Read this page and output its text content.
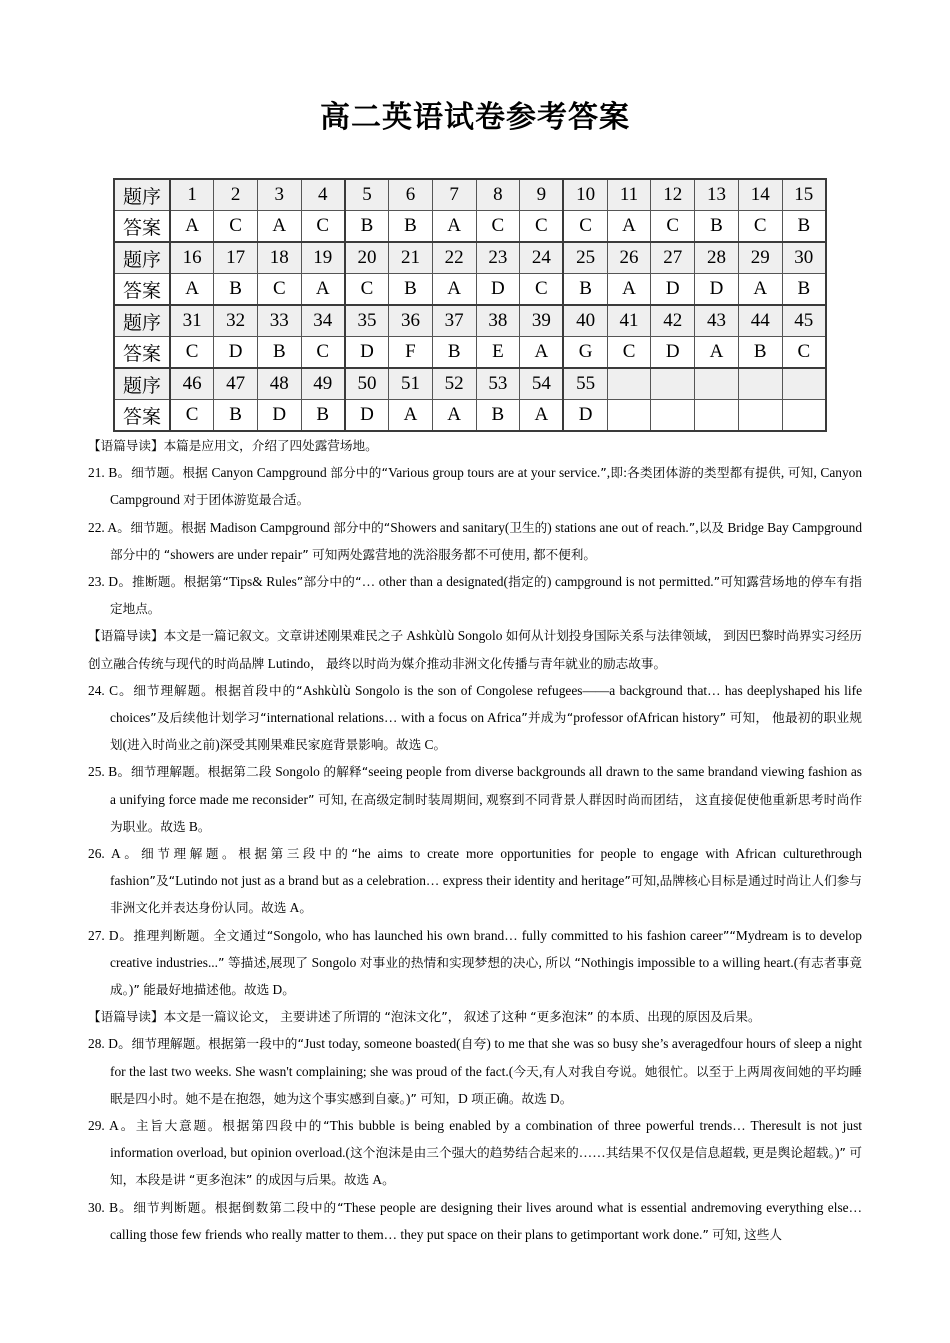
高二英语试卷参考答案
题序	1	2	3	4	5	6	7	8	9	10	11	12	13	14	15
答案	A	C	A	C	B	B	A	C	C	C	A	C	B	C	B
题序	16	17	18	19	20	21	22	23	24	25	26	27	28	29	30
答案	A	B	C	A	C	B	A	D	C	B	A	D	D	A	B
题序	31	32	33	34	35	36	37	38	39	40	41	42	43	44	45
答案	C	D	B	C	D	F	B	E	A	G	C	D	A	B	C
题序	46	47	48	49	50	51	52	53	54	55					
答案	C	B	D	B	D	A	A	B	A	D					

【语篇导读】本篇是应用文，介绍了四处露营场地。

21. B。细节题。根据 Canyon Campground 部分中的“Various group tours are at your service.”,即:各类团体游的类型都有提供, 可知, Canyon Campground 对于团体游览最合适。

22. A。细节题。根据 Madison Campground 部分中的“Showers and sanitary(卫生的) stations ane out of reach.”,以及 Bridge Bay Campground 部分中的 “showers are under repair” 可知两处露营地的洗浴服务都不可使用, 都不便利。

23. D。推断题。根据第“Tips& Rules”部分中的“… other than a designated(指定的) campground is not permitted.”可知露营场地的停车有指定地点。

【语篇导读】本文是一篇记叙文。文章讲述刚果难民之子 Ashkùlù Songolo 如何从计划投身国际关系与法律领域， 到因巴黎时尚界实习经历创立融合传统与现代的时尚品牌 Lutindo， 最终以时尚为媒介推动非洲文化传播与青年就业的励志故事。

24. C。细节理解题。根据首段中的“Ashkùlù Songolo is the son of Congolese refugees——a background that… has deeplyshaped his life choices”及后续他计划学习“international relations… with a focus on Africa”并成为“professor ofAfrican history” 可知， 他最初的职业规划(进入时尚业之前)深受其刚果难民家庭背景影响。故选 C。

25. B。细节理解题。根据第二段 Songolo 的解释“seeing people from diverse backgrounds all drawn to the same brandand viewing fashion as a unifying force made me reconsider” 可知, 在高级定制时装周期间, 观察到不同背景人群因时尚而团结， 这直接促使他重新思考时尚作为职业。故选 B。

26. A。细节理解题。根据第三段中的“he aims to create more opportunities for people to engage with African culturethrough fashion”及“Lutindo not just as a brand but as a celebration… express their identity and heritage”可知,品牌核心目标是通过时尚让人们参与非洲文化并表达身份认同。故选 A。

27. D。推理判断题。全文通过“Songolo, who has launched his own brand… fully committed to his fashion career”“Mydream is to develop creative industries...” 等描述,展现了 Songolo 对事业的热情和实现梦想的决心, 所以 “Nothingis impossible to a willing heart.(有志者事竟成。)” 能最好地描述他。故选 D。

【语篇导读】本文是一篇议论文， 主要讲述了所谓的 “泡沫文化”， 叙述了这种 “更多泡沫” 的本质、出现的原因及后果。

28. D。细节理解题。根据第一段中的“Just today, someone boasted(自夸) to me that she was so busy she’s averagedfour hours of sleep a night for the last two weeks. She wasn't complaining; she was proud of the fact.(今天,有人对我自夸说。她很忙。以至于上两周夜间她的平均睡眠是四小时。她不是在抱怨，她为这个事实感到自豪。)” 可知，D 项正确。故选 D。

29. A。主旨大意题。根据第四段中的“This bubble is being enabled by a combination of three powerful trends… Theresult is not just information overload, but opinion overload.(这个泡沫是由三个强大的趋势结合起来的……其结果不仅仅是信息超载, 更是舆论超载。)” 可知，本段是讲 “更多泡沫” 的成因与后果。故选 A。

30. B。细节判断题。根据倒数第二段中的“These people are designing their lives around what is essential andremoving everything else… calling those few friends who really matter to them… they put space on their plans to getimportant work done.” 可知, 这些人
